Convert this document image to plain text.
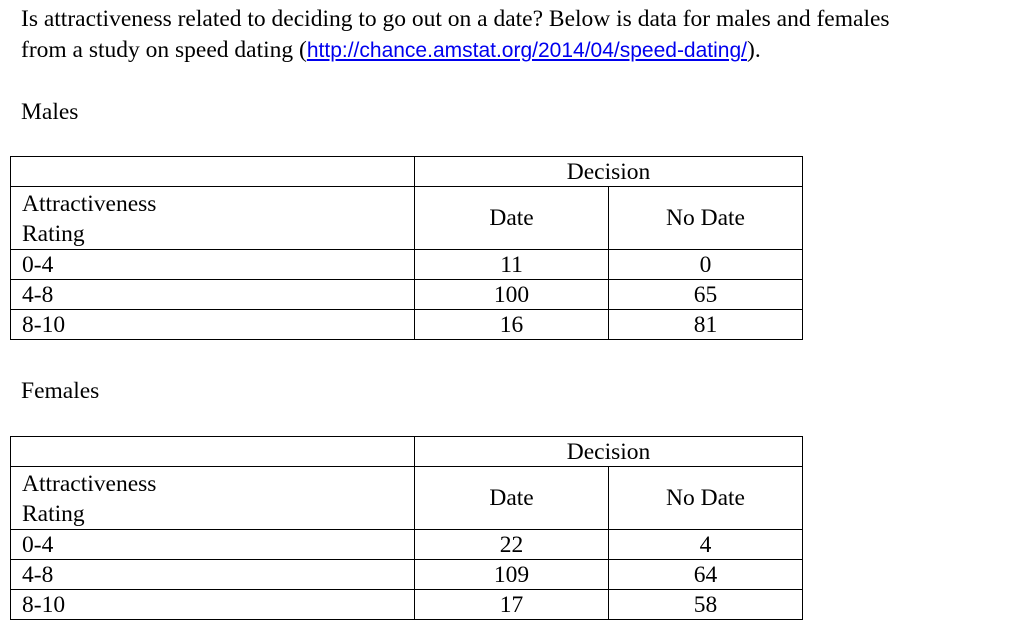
Is attractiveness related to deciding to go out on a date? Below is data for males and females
from a study on speed dating (http://chance.amstat.org/2014/04/speed-dating/).
Males
	Decision	

Attractiveness
Rating	Date	No Date
0-4	11	0
4-8	100	65
8-10	16	81
Females
	Decision	

Attractiveness
Rating	Date	No Date
0-4	22	4
4-8	109	64
8-10	17	58
